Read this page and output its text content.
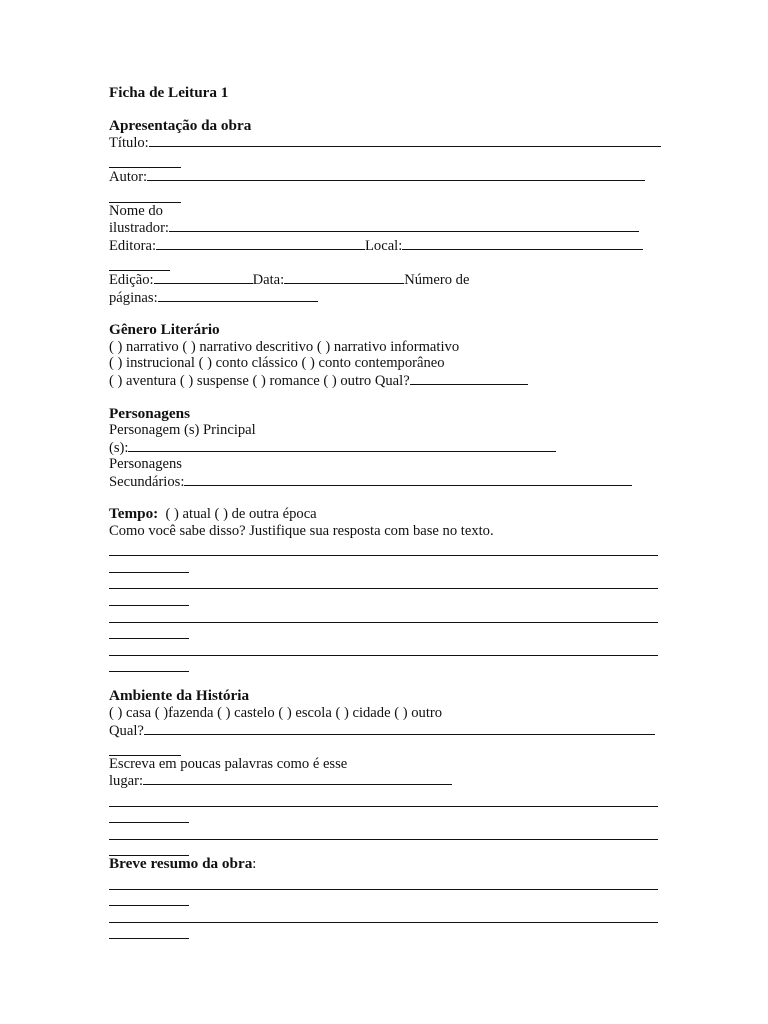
Ficha de Leitura 1
Apresentação da obra
Título:
Autor:
Nome do
ilustrador:
Editora:	Local:
Edição:	Data:	Número de
páginas:
Gênero Literário
( ) narrativo ( ) narrativo descritivo ( ) narrativo informativo
( ) instrucional ( ) conto clássico ( ) conto contemporâneo
( ) aventura ( ) suspense ( ) romance ( ) outro Qual?
Personagens
Personagem (s) Principal
(s):
Personagens
Secundários:
Tempo: ( ) atual ( ) de outra época
Como você sabe disso? Justifique sua resposta com base no texto.
Ambiente da História
( ) casa ( )fazenda ( ) castelo ( ) escola ( ) cidade ( ) outro
Qual?
Escreva em poucas palavras como é esse
lugar:
Breve resumo da obra:
